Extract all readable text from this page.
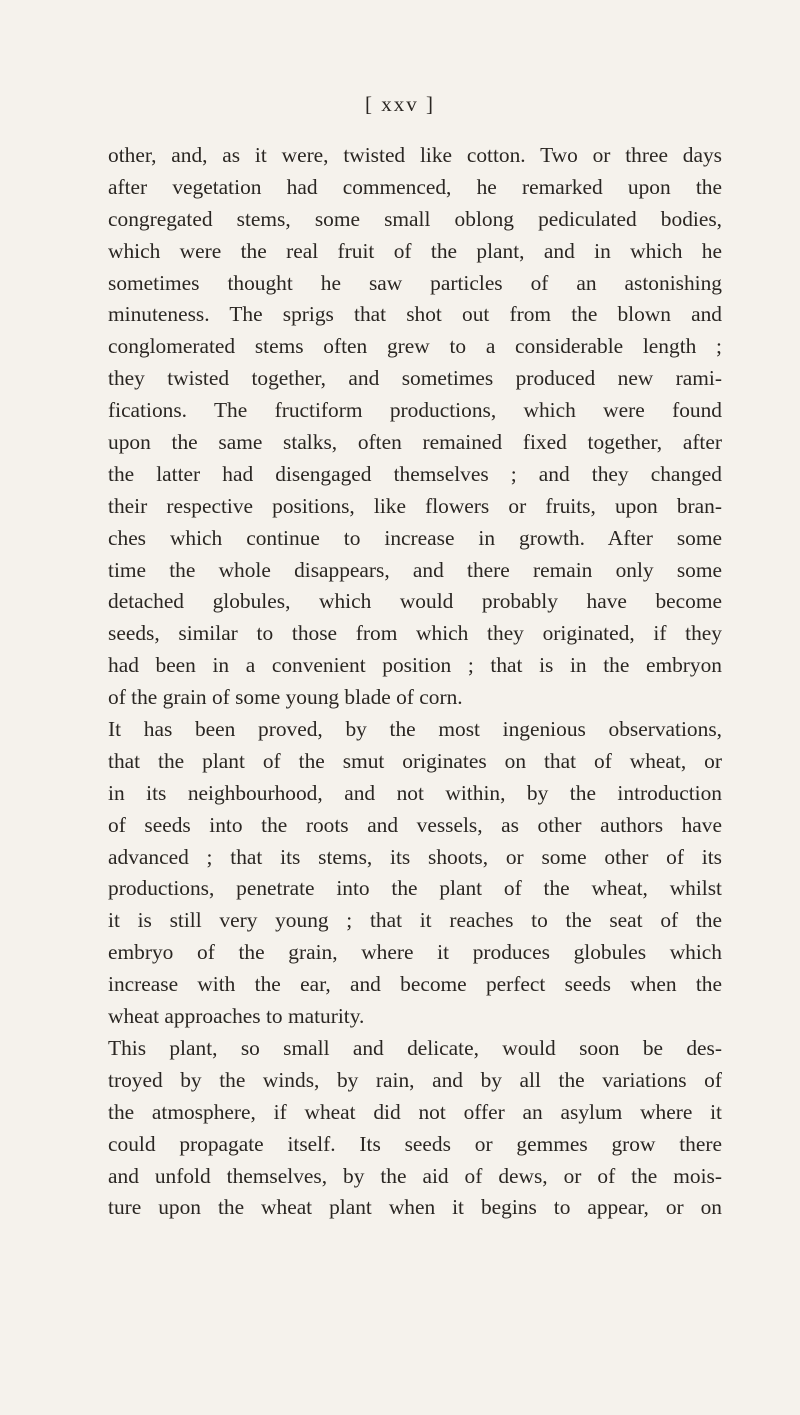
[ xxv ]
other, and, as it were, twisted like cotton. Two or three days
after vegetation had commenced, he remarked upon the
congregated stems, some small oblong pediculated bodies,
which were the real fruit of the plant, and in which he
sometimes thought he saw particles of an astonishing
minuteness. The sprigs that shot out from the blown and
conglomerated stems often grew to a considerable length ;
they twisted together, and sometimes produced new rami-
fications. The fructiform productions, which were found
upon the same stalks, often remained fixed together, after
the latter had disengaged themselves ; and they changed
their respective positions, like flowers or fruits, upon bran-
ches which continue to increase in growth. After some
time the whole disappears, and there remain only some
detached globules, which would probably have become
seeds, similar to those from which they originated, if they
had been in a convenient position ; that is in the embryon
of the grain of some young blade of corn.
It has been proved, by the most ingenious observations,
that the plant of the smut originates on that of wheat, or
in its neighbourhood, and not within, by the introduction
of seeds into the roots and vessels, as other authors have
advanced ; that its stems, its shoots, or some other of its
productions, penetrate into the plant of the wheat, whilst
it is still very young ; that it reaches to the seat of the
embryo of the grain, where it produces globules which
increase with the ear, and become perfect seeds when the
wheat approaches to maturity.
This plant, so small and delicate, would soon be des-
troyed by the winds, by rain, and by all the variations of
the atmosphere, if wheat did not offer an asylum where it
could propagate itself. Its seeds or gemmes grow there
and unfold themselves, by the aid of dews, or of the mois-
ture upon the wheat plant when it begins to appear, or on
